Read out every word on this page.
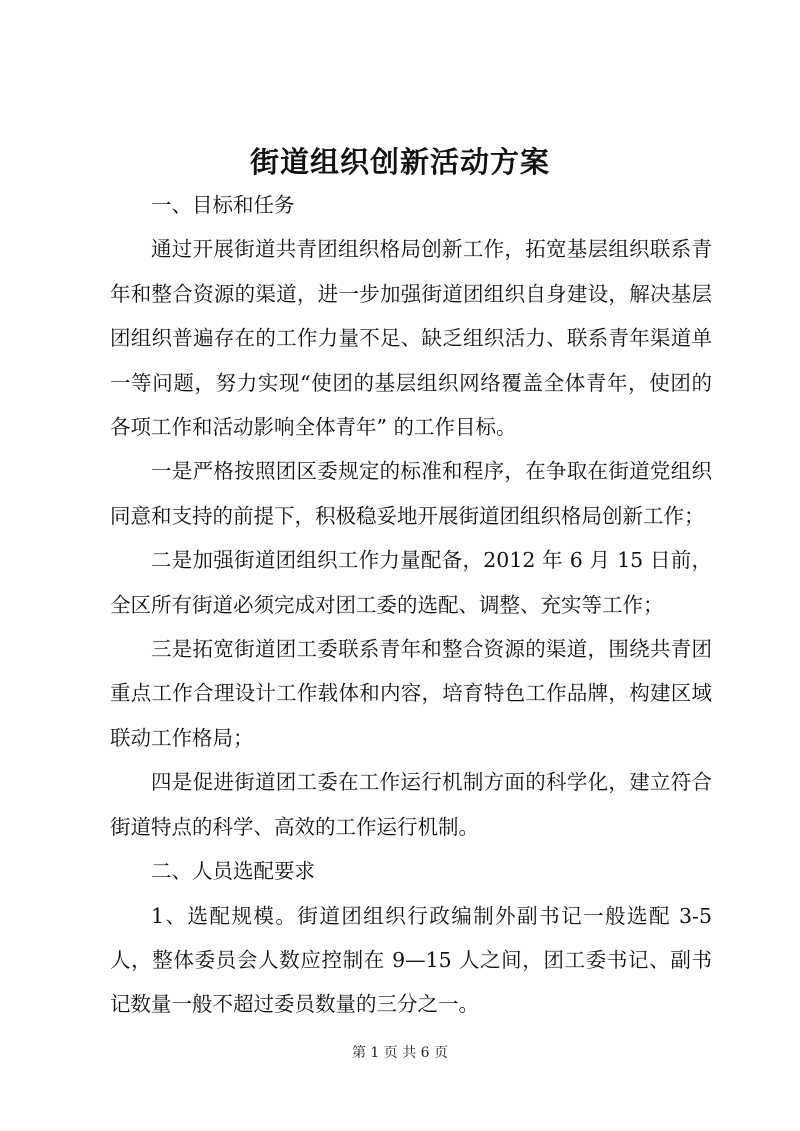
街道组织创新活动方案

一、目标和任务

通过开展街道共青团组织格局创新工作，拓宽基层组织联系青年和整合资源的渠道，进一步加强街道团组织自身建设，解决基层团组织普遍存在的工作力量不足、缺乏组织活力、联系青年渠道单一等问题，努力实现“使团的基层组织网络覆盖全体青年，使团的各项工作和活动影响全体青年” 的工作目标。

一是严格按照团区委规定的标准和程序，在争取在街道党组织同意和支持的前提下，积极稳妥地开展街道团组织格局创新工作；

二是加强街道团组织工作力量配备，2012 年 6 月 15 日前，全区所有街道必须完成对团工委的选配、调整、充实等工作；

三是拓宽街道团工委联系青年和整合资源的渠道，围绕共青团重点工作合理设计工作载体和内容，培育特色工作品牌，构建区域联动工作格局；

四是促进街道团工委在工作运行机制方面的科学化，建立符合街道特点的科学、高效的工作运行机制。

二、人员选配要求

1、选配规模。街道团组织行政编制外副书记一般选配 3-5 人，整体委员会人数应控制在 9—15 人之间，团工委书记、副书记数量一般不超过委员数量的三分之一。

第 1 页 共 6 页
